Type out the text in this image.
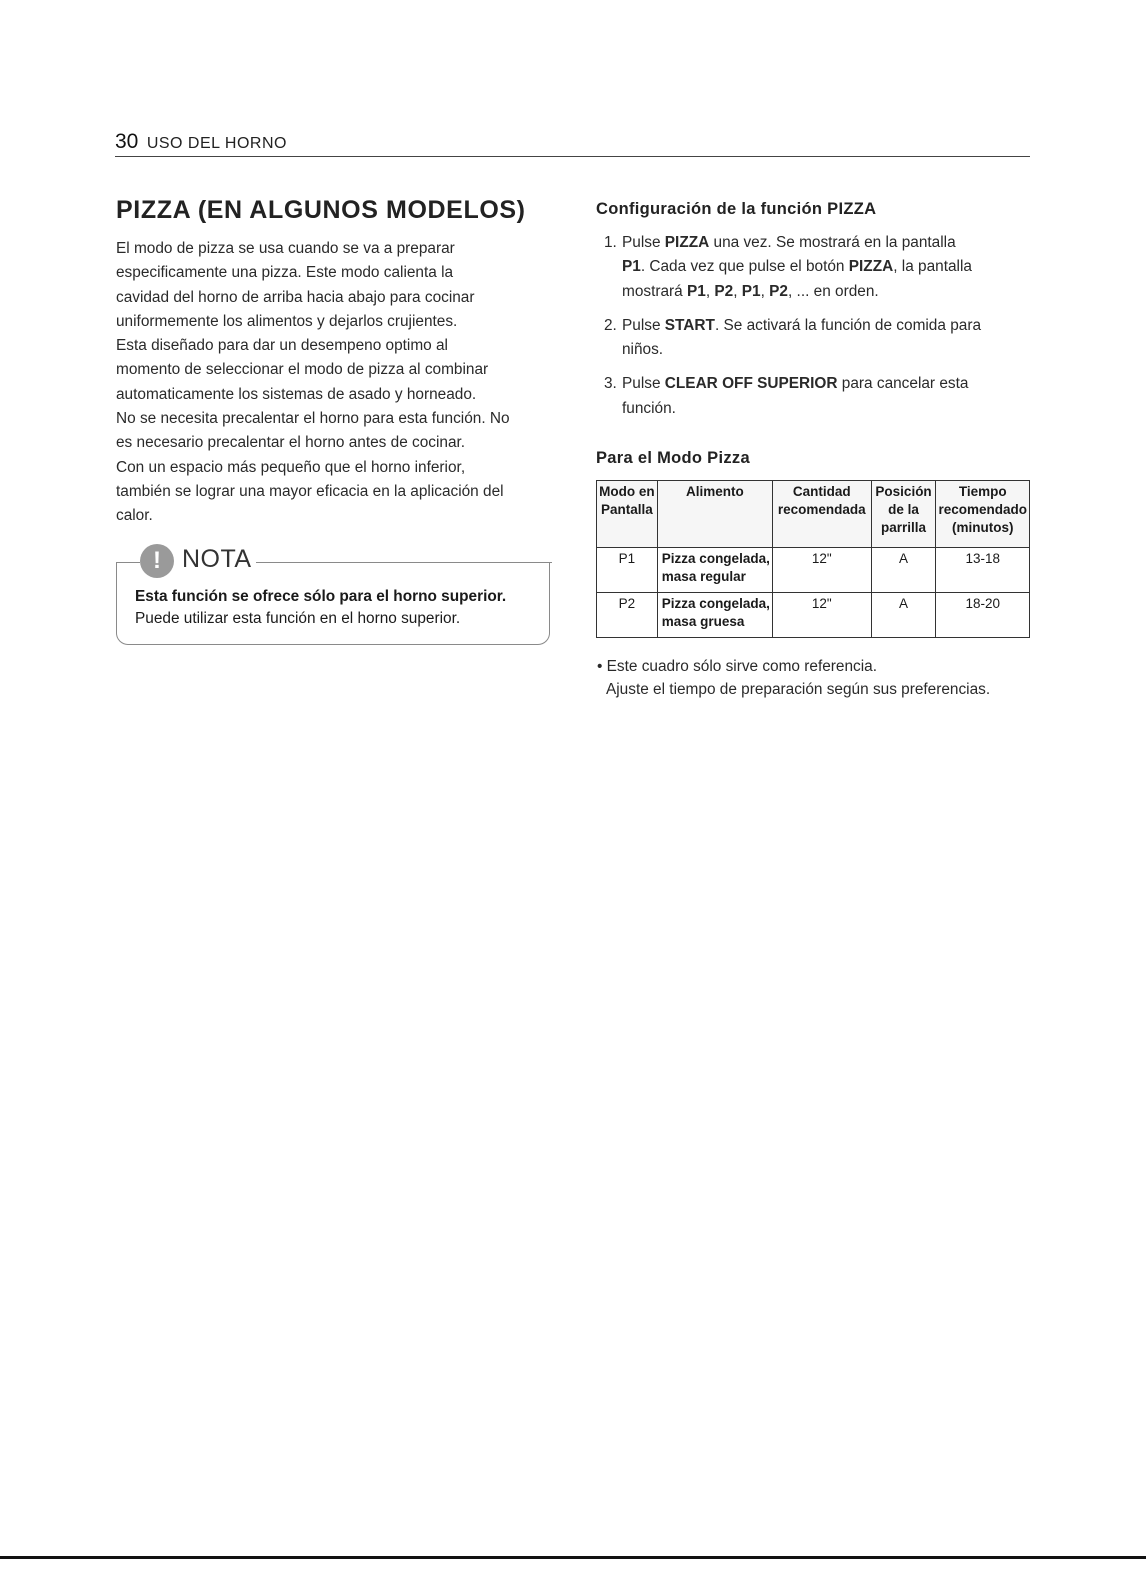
30 USO DEL HORNO
PIZZA (EN ALGUNOS MODELOS)

El modo de pizza se usa cuando se va a preparar

especificamente una pizza. Este modo calienta la

cavidad del horno de arriba hacia abajo para cocinar

uniformemente los alimentos y dejarlos crujientes.

Esta diseñado para dar un desempeno optimo al

momento de seleccionar el modo de pizza al combinar

automaticamente los sistemas de asado y horneado.

No se necesita precalentar el horno para esta función. No

es necesario precalentar el horno antes de cocinar.

Con un espacio más pequeño que el horno inferior,

también se lograr una mayor eficacia en la aplicación del

calor.

! NOTA

Esta función se ofrece sólo para el horno superior.

Puede utilizar esta función en el horno superior.

Configuración de la función PIZZA
1. Pulse PIZZA una vez. Se mostrará en la pantalla
P1. Cada vez que pulse el botón PIZZA, la pantalla
mostrará P1, P2, P1, P2, ... en orden.
2. Pulse START. Se activará la función de comida para
niños.
3. Pulse CLEAR OFF SUPERIOR para cancelar esta
función.
Para el Modo Pizza
Modo en Pantalla	Alimento	Cantidad recomendada	Posición de la parrilla	Tiempo recomendado (minutos)
P1	Pizza congelada, masa regular	12"	A	13-18
P2	Pizza congelada, masa gruesa	12"	A	18-20

• Este cuadro sólo sirve como referencia.

Ajuste el tiempo de preparación según sus preferencias.
